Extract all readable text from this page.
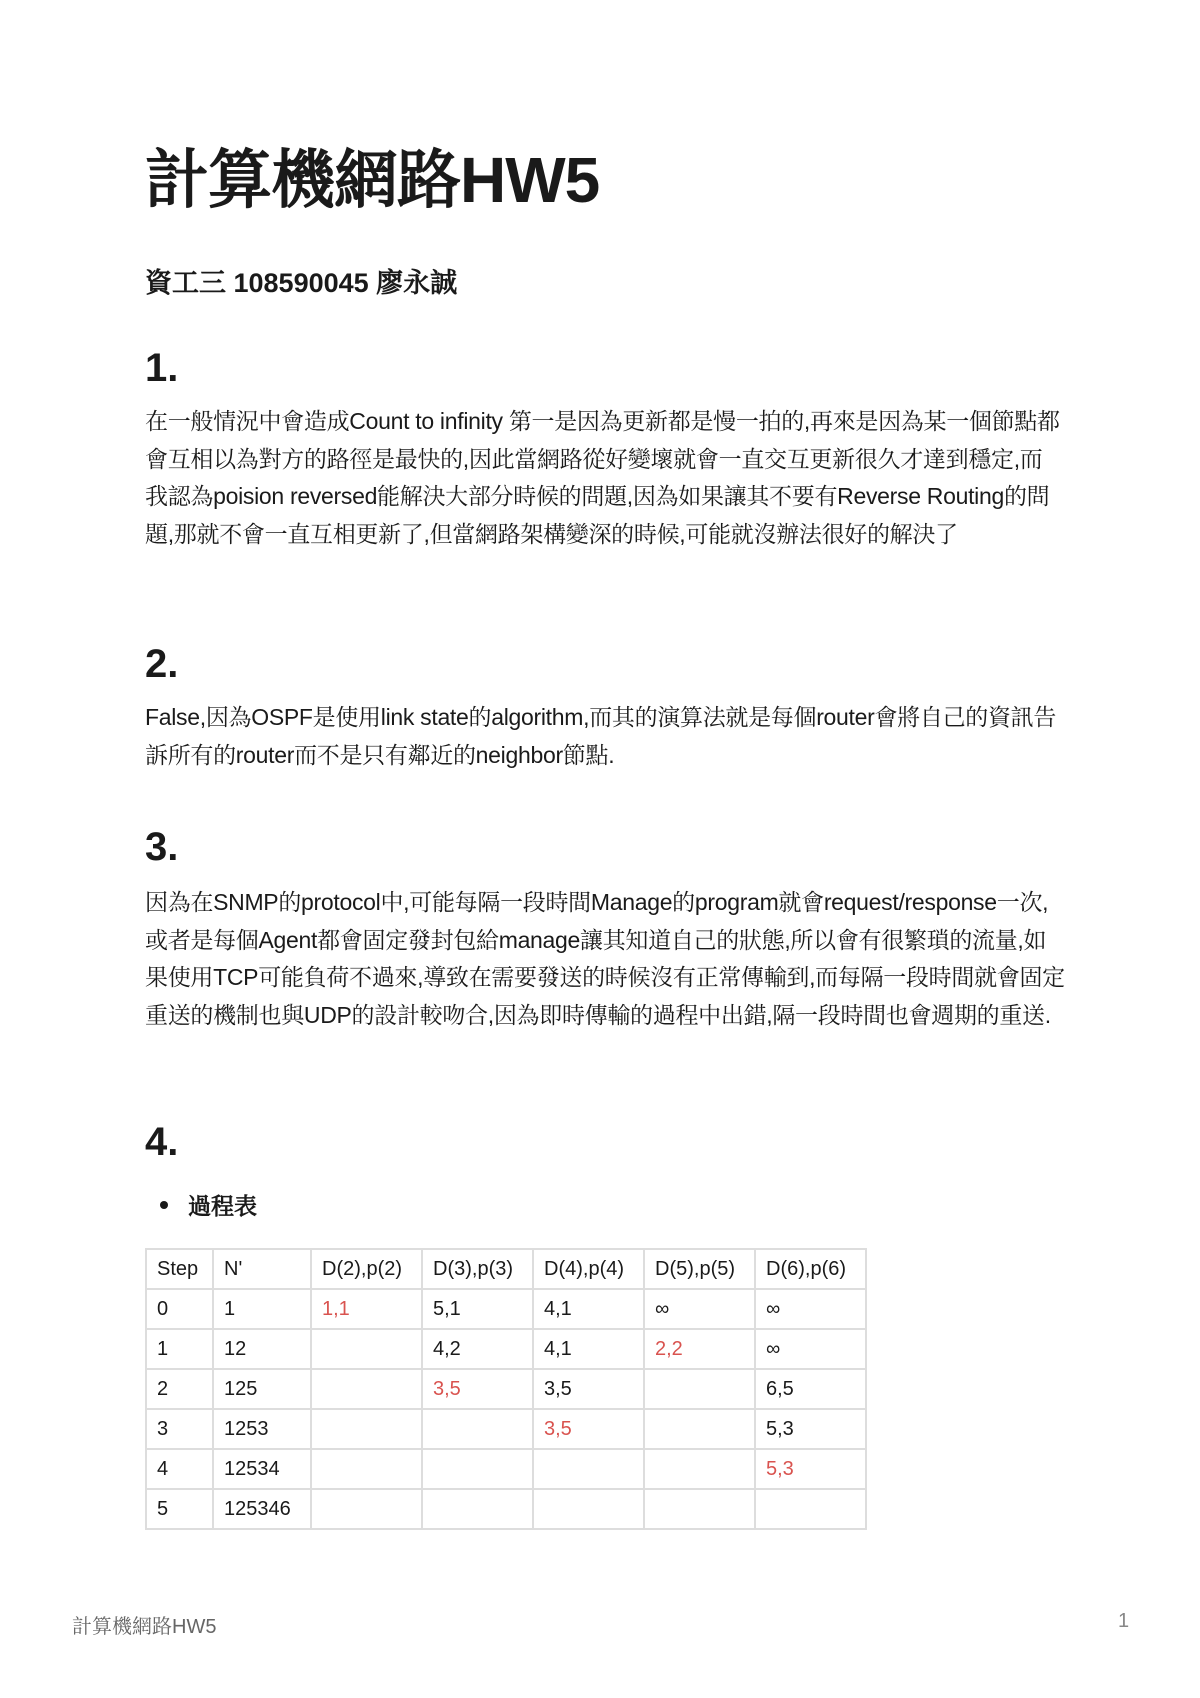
計算機網路HW5
資工三 108590045 廖永誠
1.

在一般情況中會造成Count to infinity 第一是因為更新都是慢一拍的,再來是因為某一個節點都會互相以為對方的路徑是最快的,因此當網路從好變壞就會一直交互更新很久才達到穩定,而我認為poision reversed能解決大部分時候的問題,因為如果讓其不要有Reverse Routing的問題,那就不會一直互相更新了,但當網路架構變深的時候,可能就沒辦法很好的解決了

2.

False,因為OSPF是使用link state的algorithm,而其的演算法就是每個router會將自己的資訊告訴所有的router而不是只有鄰近的neighbor節點.

3.

因為在SNMP的protocol中,可能每隔一段時間Manage的program就會request/response一次,或者是每個Agent都會固定發封包給manage讓其知道自己的狀態,所以會有很繁瑣的流量,如果使用TCP可能負荷不過來,導致在需要發送的時候沒有正常傳輸到,而每隔一段時間就會固定重送的機制也與UDP的設計較吻合,因為即時傳輸的過程中出錯,隔一段時間也會週期的重送.

4.
過程表
Step	N'	D(2),p(2)	D(3),p(3)	D(4),p(4)	D(5),p(5)	D(6),p(6)
0	1	1,1	5,1	4,1	∞	∞
1	12		4,2	4,1	2,2	∞
2	125		3,5	3,5		6,5
3	1253			3,5		5,3
4	12534					5,3
5	125346					
計算機網路HW5	1
